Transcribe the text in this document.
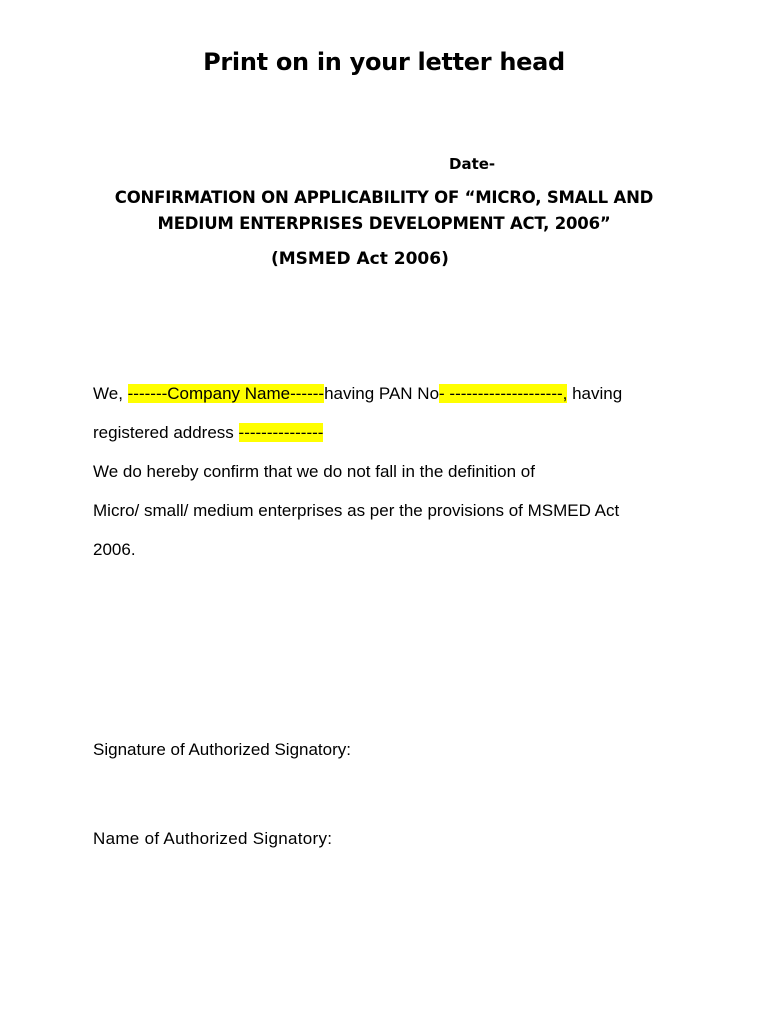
Print on in your letter head
Date-
CONFIRMATION ON APPLICABILITY OF “MICRO, SMALL AND
MEDIUM ENTERPRISES DEVELOPMENT ACT, 2006”
(MSMED Act 2006)
We, -------Company Name------having PAN No- --------------------, having
registered address ---------------
We do hereby confirm that we do not fall in the definition of
Micro/ small/ medium enterprises as per the provisions of MSMED Act
2006.
Signature of Authorized Signatory:
Name of Authorized Signatory:
